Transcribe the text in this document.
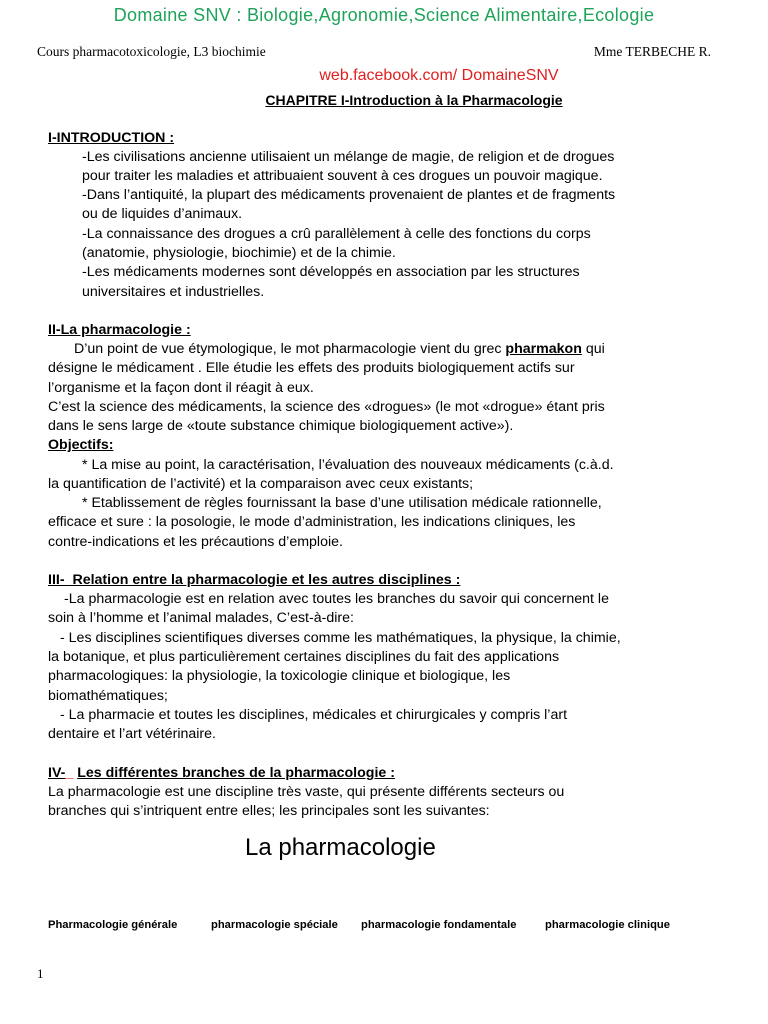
Domaine SNV : Biologie,Agronomie,Science Alimentaire,Ecologie
Cours pharmacotoxicologie, L3 biochimie	Mme TERBECHE R.
web.facebook.com/ DomaineSNV
CHAPITRE I-Introduction à la Pharmacologie
I-INTRODUCTION :
-Les civilisations ancienne utilisaient un mélange de magie, de religion et de drogues
pour traiter les maladies et attribuaient souvent à ces drogues un pouvoir magique.
-Dans l’antiquité, la plupart des médicaments provenaient de plantes et de fragments
ou de liquides d’animaux.
-La connaissance des drogues a crû parallèlement à celle des fonctions du corps
(anatomie, physiologie, biochimie) et de la chimie.
-Les médicaments modernes sont développés en association par les structures
universitaires et industrielles.
II-La pharmacologie :
D’un point de vue étymologique, le mot pharmacologie vient du grec pharmakon qui
désigne le médicament . Elle étudie les effets des produits biologiquement actifs sur
l’organisme et la façon dont il réagit à eux.
C’est la science des médicaments, la science des «drogues» (le mot «drogue» étant pris
dans le sens large de «toute substance chimique biologiquement active»).
Objectifs:
* La mise au point, la caractérisation, l’évaluation des nouveaux médicaments (c.à.d.
la quantification de l’activité) et la comparaison avec ceux existants;
* Etablissement de règles fournissant la base d’une utilisation médicale rationnelle,
efficace et sure : la posologie, le mode d’administration, les indications cliniques, les
contre-indications et les précautions d’emploie.
III- Relation entre la pharmacologie et les autres disciplines :
-La pharmacologie est en relation avec toutes les branches du savoir qui concernent le
soin à l’homme et l’animal malades, C’est-à-dire:
- Les disciplines scientifiques diverses comme les mathématiques, la physique, la chimie,
la botanique, et plus particulièrement certaines disciplines du fait des applications
pharmacologiques: la physiologie, la toxicologie clinique et biologique, les
biomathématiques;
- La pharmacie et toutes les disciplines, médicales et chirurgicales y compris l’art
dentaire et l’art vétérinaire.
IV-_ Les différentes branches de la pharmacologie :
La pharmacologie est une discipline très vaste, qui présente différents secteurs ou
branches qui s’intriquent entre elles; les principales sont les suivantes:
La pharmacologie
Pharmacologie générale	pharmacologie spéciale pharmacologie fondamentale	pharmacologie clinique
1
